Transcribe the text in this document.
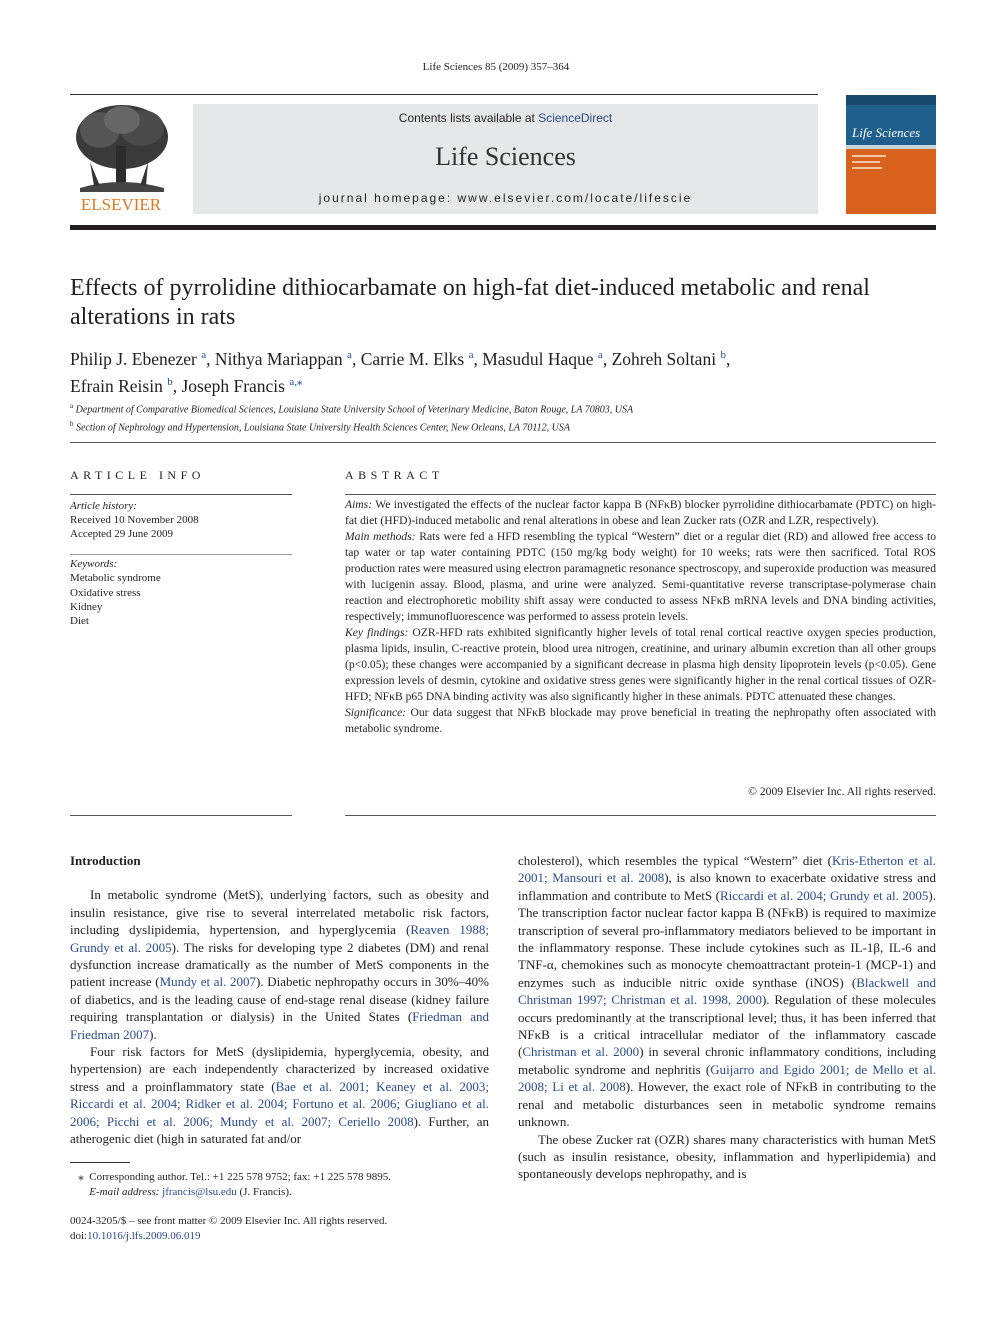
Life Sciences 85 (2009) 357–364
ELSEVIER
Contents lists available at ScienceDirect
Life Sciences
journal homepage: www.elsevier.com/locate/lifescie
Life Sciences
Effects of pyrrolidine dithiocarbamate on high-fat diet-induced metabolic and renal alterations in rats
Philip J. Ebenezer $^a$, Nithya Mariappan $^a$, Carrie M. Elks $^a$, Masudul Haque $^a$, Zohreh Soltani $^b$,
Efrain Reisin $^b$, Joseph Francis $^{a,⁎}$
$^a$ Department of Comparative Biomedical Sciences, Louisiana State University School of Veterinary Medicine, Baton Rouge, LA 70803, USA
$^b$ Section of Nephrology and Hypertension, Louisiana State University Health Sciences Center, New Orleans, LA 70112, USA
ARTICLE INFO
Article history:
Received 10 November 2008
Accepted 29 June 2009
Keywords:
Metabolic syndrome
Oxidative stress
Kidney
Diet
ABSTRACT

Aims: We investigated the effects of the nuclear factor kappa B (NFκB) blocker pyrrolidine dithiocarbamate (PDTC) on high-fat diet (HFD)-induced metabolic and renal alterations in obese and lean Zucker rats (OZR and LZR, respectively).

Main methods: Rats were fed a HFD resembling the typical “Western” diet or a regular diet (RD) and allowed free access to tap water or tap water containing PDTC (150 mg/kg body weight) for 10 weeks; rats were then sacrificed. Total ROS production rates were measured using electron paramagnetic resonance spectroscopy, and superoxide production was measured with lucigenin assay. Blood, plasma, and urine were analyzed. Semi-quantitative reverse transcriptase-polymerase chain reaction and electrophoretic mobility shift assay were conducted to assess NFκB mRNA levels and DNA binding activities, respectively; immunofluorescence was performed to assess protein levels.

Key findings: OZR-HFD rats exhibited significantly higher levels of total renal cortical reactive oxygen species production, plasma lipids, insulin, C-reactive protein, blood urea nitrogen, creatinine, and urinary albumin excretion than all other groups (p<0.05); these changes were accompanied by a significant decrease in plasma high density lipoprotein levels (p<0.05). Gene expression levels of desmin, cytokine and oxidative stress genes were significantly higher in the renal cortical tissues of OZR-HFD; NFκB p65 DNA binding activity was also significantly higher in these animals. PDTC attenuated these changes.

Significance: Our data suggest that NFκB blockade may prove beneficial in treating the nephropathy often associated with metabolic syndrome.

© 2009 Elsevier Inc. All rights reserved.
Introduction

In metabolic syndrome (MetS), underlying factors, such as obesity and insulin resistance, give rise to several interrelated metabolic risk factors, including dyslipidemia, hypertension, and hyperglycemia (Reaven 1988; Grundy et al. 2005). The risks for developing type 2 diabetes (DM) and renal dysfunction increase dramatically as the number of MetS components in the patient increase (Mundy et al. 2007). Diabetic nephropathy occurs in 30%–40% of diabetics, and is the leading cause of end-stage renal disease (kidney failure requiring transplantation or dialysis) in the United States (Friedman and Friedman 2007).

Four risk factors for MetS (dyslipidemia, hyperglycemia, obesity, and hypertension) are each independently characterized by increased oxidative stress and a proinflammatory state (Bae et al. 2001; Keaney et al. 2003; Riccardi et al. 2004; Ridker et al. 2004; Fortuno et al. 2006; Giugliano et al. 2006; Picchi et al. 2006; Mundy et al. 2007; Ceriello 2008). Further, an atherogenic diet (high in saturated fat and/or

cholesterol), which resembles the typical “Western” diet (Kris-Etherton et al. 2001; Mansouri et al. 2008), is also known to exacerbate oxidative stress and inflammation and contribute to MetS (Riccardi et al. 2004; Grundy et al. 2005). The transcription factor nuclear factor kappa B (NFκB) is required to maximize transcription of several pro-inflammatory mediators believed to be important in the inflammatory response. These include cytokines such as IL-1β, IL-6 and TNF-α, chemokines such as monocyte chemoattractant protein-1 (MCP-1) and enzymes such as inducible nitric oxide synthase (iNOS) (Blackwell and Christman 1997; Christman et al. 1998, 2000). Regulation of these molecules occurs predominantly at the transcriptional level; thus, it has been inferred that NFκB is a critical intracellular mediator of the inflammatory cascade (Christman et al. 2000) in several chronic inflammatory conditions, including metabolic syndrome and nephritis (Guijarro and Egido 2001; de Mello et al. 2008; Li et al. 2008). However, the exact role of NFκB in contributing to the renal and metabolic disturbances seen in metabolic syndrome remains unknown.

The obese Zucker rat (OZR) shares many characteristics with human MetS (such as insulin resistance, obesity, inflammation and hyperlipidemia) and spontaneously develops nephropathy, and is

⁎  Corresponding author. Tel.: +1 225 578 9752; fax: +1 225 578 9895.
E-mail address: jfrancis@lsu.edu (J. Francis).
0024-3205/$ – see front matter © 2009 Elsevier Inc. All rights reserved.
doi:10.1016/j.lfs.2009.06.019
